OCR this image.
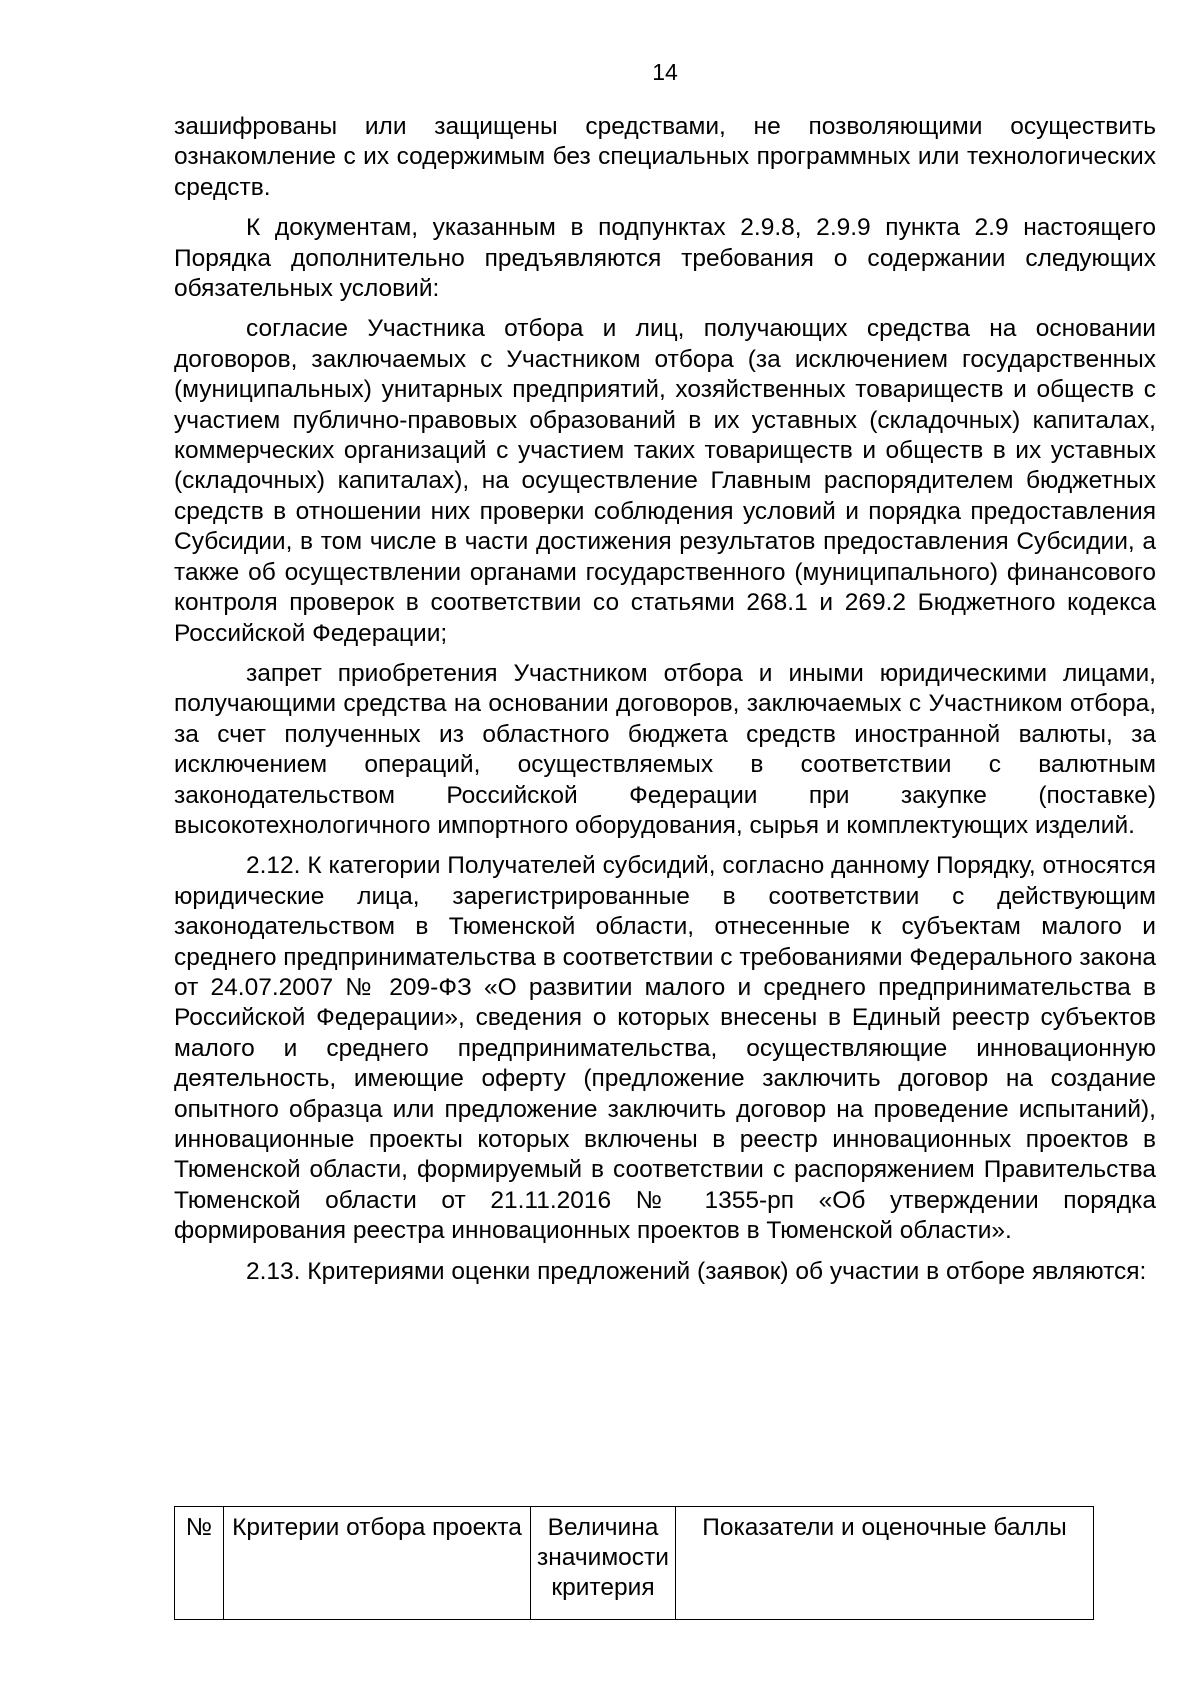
14

зашифрованы или защищены средствами, не позволяющими осуществить ознакомление с их содержимым без специальных программных или технологических средств.

К документам, указанным в подпунктах 2.9.8, 2.9.9 пункта 2.9 настоящего Порядка дополнительно предъявляются требования о содержании следующих обязательных условий:

согласие Участника отбора и лиц, получающих средства на основании договоров, заключаемых с Участником отбора (за исключением государственных (муниципальных) унитарных предприятий, хозяйственных товариществ и обществ с участием публично-правовых образований в их уставных (складочных) капиталах, коммерческих организаций с участием таких товариществ и обществ в их уставных (складочных) капиталах), на осуществление Главным распорядителем бюджетных средств в отношении них проверки соблюдения условий и порядка предоставления Субсидии, в том числе в части достижения результатов предоставления Субсидии, а также об осуществлении органами государственного (муниципального) финансового контроля проверок в соответствии со статьями 268.1 и 269.2 Бюджетного кодекса Российской Федерации;

запрет приобретения Участником отбора и иными юридическими лицами, получающими средства на основании договоров, заключаемых с Участником отбора, за счет полученных из областного бюджета средств иностранной валюты, за исключением операций, осуществляемых в соответствии с валютным законодательством Российской Федерации при закупке (поставке) высокотехнологичного импортного оборудования, сырья и комплектующих изделий.

2.12. К категории Получателей субсидий, согласно данному Порядку, относятся юридические лица, зарегистрированные в соответствии с действующим законодательством в Тюменской области, отнесенные к субъектам малого и среднего предпринимательства в соответствии с требованиями Федерального закона от 24.07.2007 № 209-ФЗ «О развитии малого и среднего предпринимательства в Российской Федерации», сведения о которых внесены в Единый реестр субъектов малого и среднего предпринимательства, осуществляющие инновационную деятельность, имеющие оферту (предложение заключить договор на создание опытного образца или предложение заключить договор на проведение испытаний), инновационные проекты которых включены в реестр инновационных проектов в Тюменской области, формируемый в соответствии с распоряжением Правительства Тюменской области от 21.11.2016 № 1355-рп «Об утверждении порядка формирования реестра инновационных проектов в Тюменской области».

2.13. Критериями оценки предложений (заявок) об участии в отборе являются:

№	Критерии отбора проекта	Величина значимости критерия	Показатели и оценочные баллы
